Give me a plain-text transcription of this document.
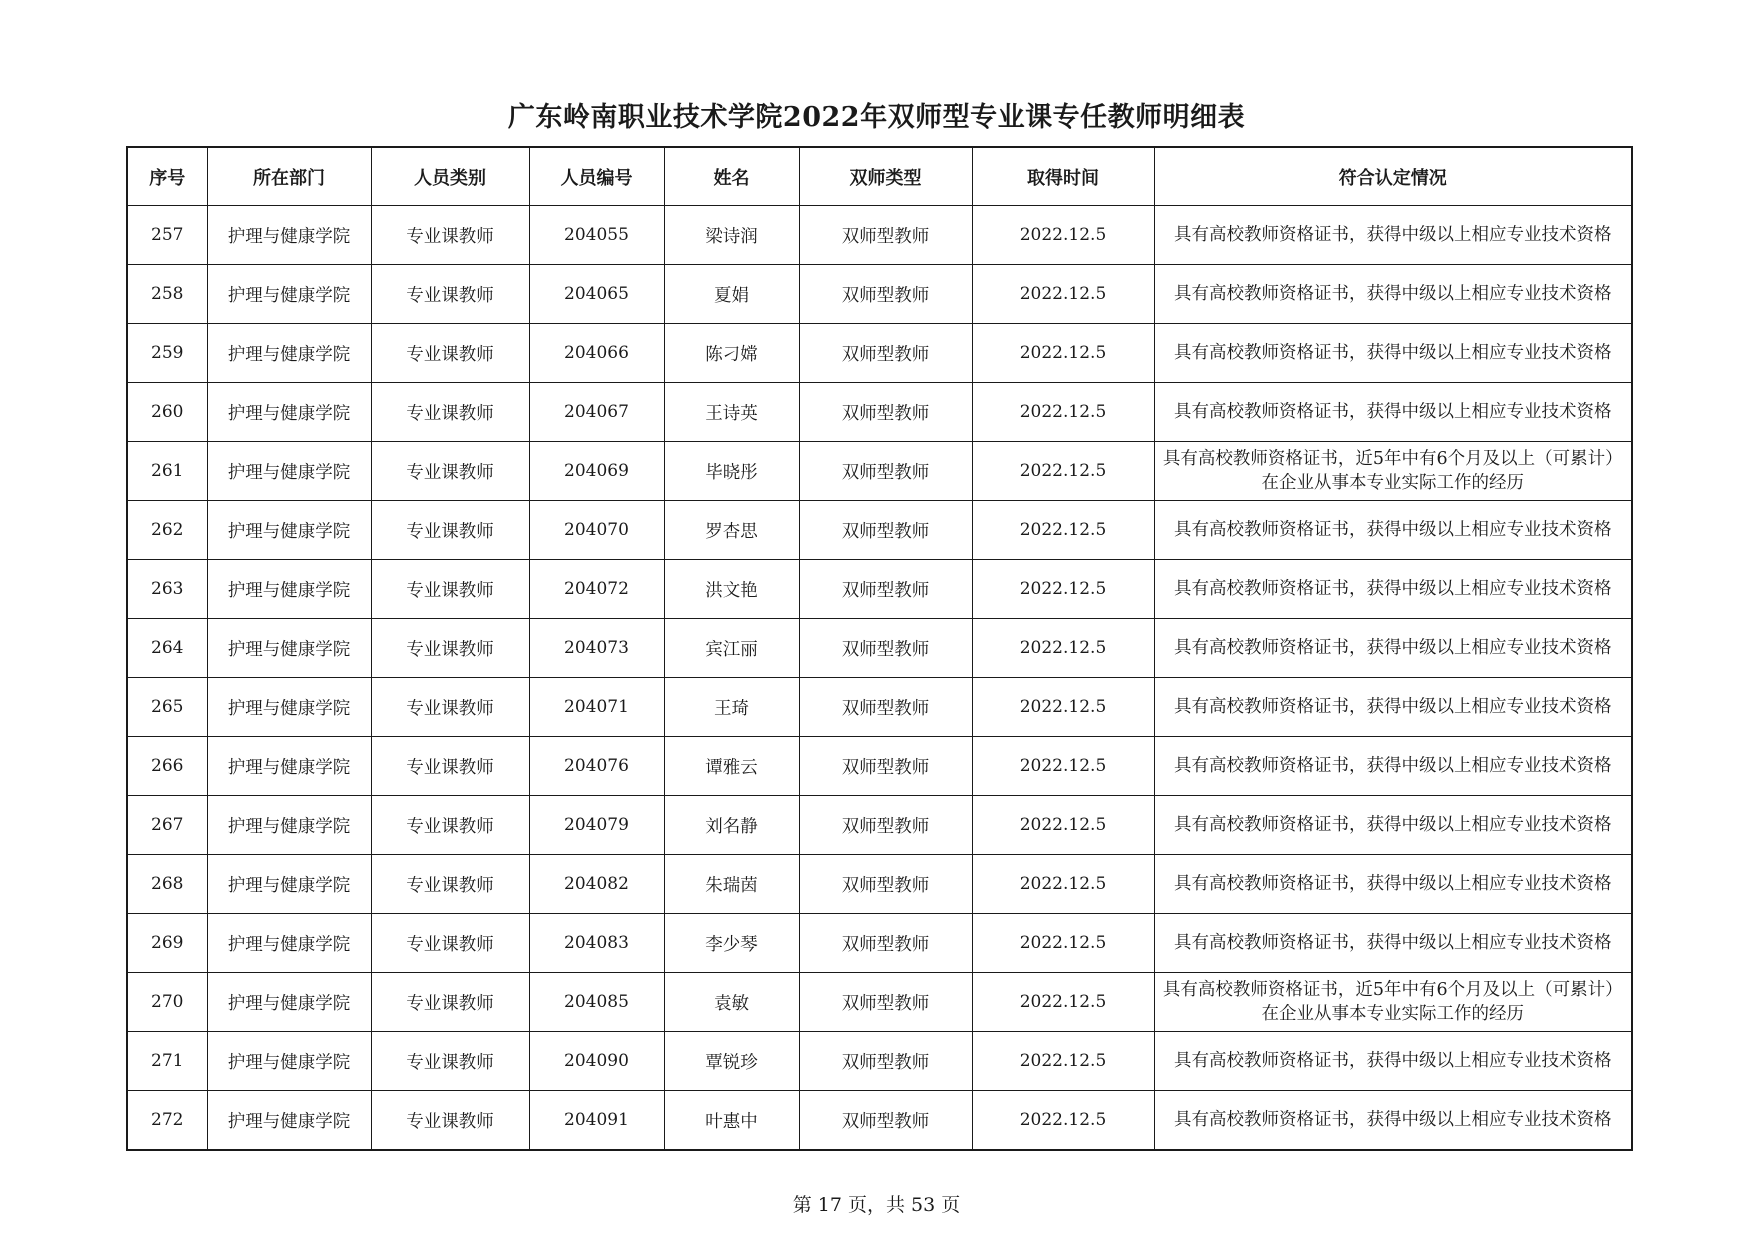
广东岭南职业技术学院2022年双师型专业课专任教师明细表
序号	所在部门	人员类别	人员编号	姓名	双师类型	取得时间	符合认定情况
257	护理与健康学院	专业课教师	204055	梁诗润	双师型教师	2022.12.5	具有高校教师资格证书，获得中级以上相应专业技术资格
258	护理与健康学院	专业课教师	204065	夏娟	双师型教师	2022.12.5	具有高校教师资格证书，获得中级以上相应专业技术资格
259	护理与健康学院	专业课教师	204066	陈刁嫦	双师型教师	2022.12.5	具有高校教师资格证书，获得中级以上相应专业技术资格
260	护理与健康学院	专业课教师	204067	王诗英	双师型教师	2022.12.5	具有高校教师资格证书，获得中级以上相应专业技术资格
261	护理与健康学院	专业课教师	204069	毕晓彤	双师型教师	2022.12.5	具有高校教师资格证书，近5年中有6个月及以上（可累计）在企业从事本专业实际工作的经历
262	护理与健康学院	专业课教师	204070	罗杏思	双师型教师	2022.12.5	具有高校教师资格证书，获得中级以上相应专业技术资格
263	护理与健康学院	专业课教师	204072	洪文艳	双师型教师	2022.12.5	具有高校教师资格证书，获得中级以上相应专业技术资格
264	护理与健康学院	专业课教师	204073	宾江丽	双师型教师	2022.12.5	具有高校教师资格证书，获得中级以上相应专业技术资格
265	护理与健康学院	专业课教师	204071	王琦	双师型教师	2022.12.5	具有高校教师资格证书，获得中级以上相应专业技术资格
266	护理与健康学院	专业课教师	204076	谭雅云	双师型教师	2022.12.5	具有高校教师资格证书，获得中级以上相应专业技术资格
267	护理与健康学院	专业课教师	204079	刘名静	双师型教师	2022.12.5	具有高校教师资格证书，获得中级以上相应专业技术资格
268	护理与健康学院	专业课教师	204082	朱瑞茵	双师型教师	2022.12.5	具有高校教师资格证书，获得中级以上相应专业技术资格
269	护理与健康学院	专业课教师	204083	李少琴	双师型教师	2022.12.5	具有高校教师资格证书，获得中级以上相应专业技术资格
270	护理与健康学院	专业课教师	204085	袁敏	双师型教师	2022.12.5	具有高校教师资格证书，近5年中有6个月及以上（可累计）在企业从事本专业实际工作的经历
271	护理与健康学院	专业课教师	204090	覃锐珍	双师型教师	2022.12.5	具有高校教师资格证书，获得中级以上相应专业技术资格
272	护理与健康学院	专业课教师	204091	叶惠中	双师型教师	2022.12.5	具有高校教师资格证书，获得中级以上相应专业技术资格
第 17 页，共 53 页
